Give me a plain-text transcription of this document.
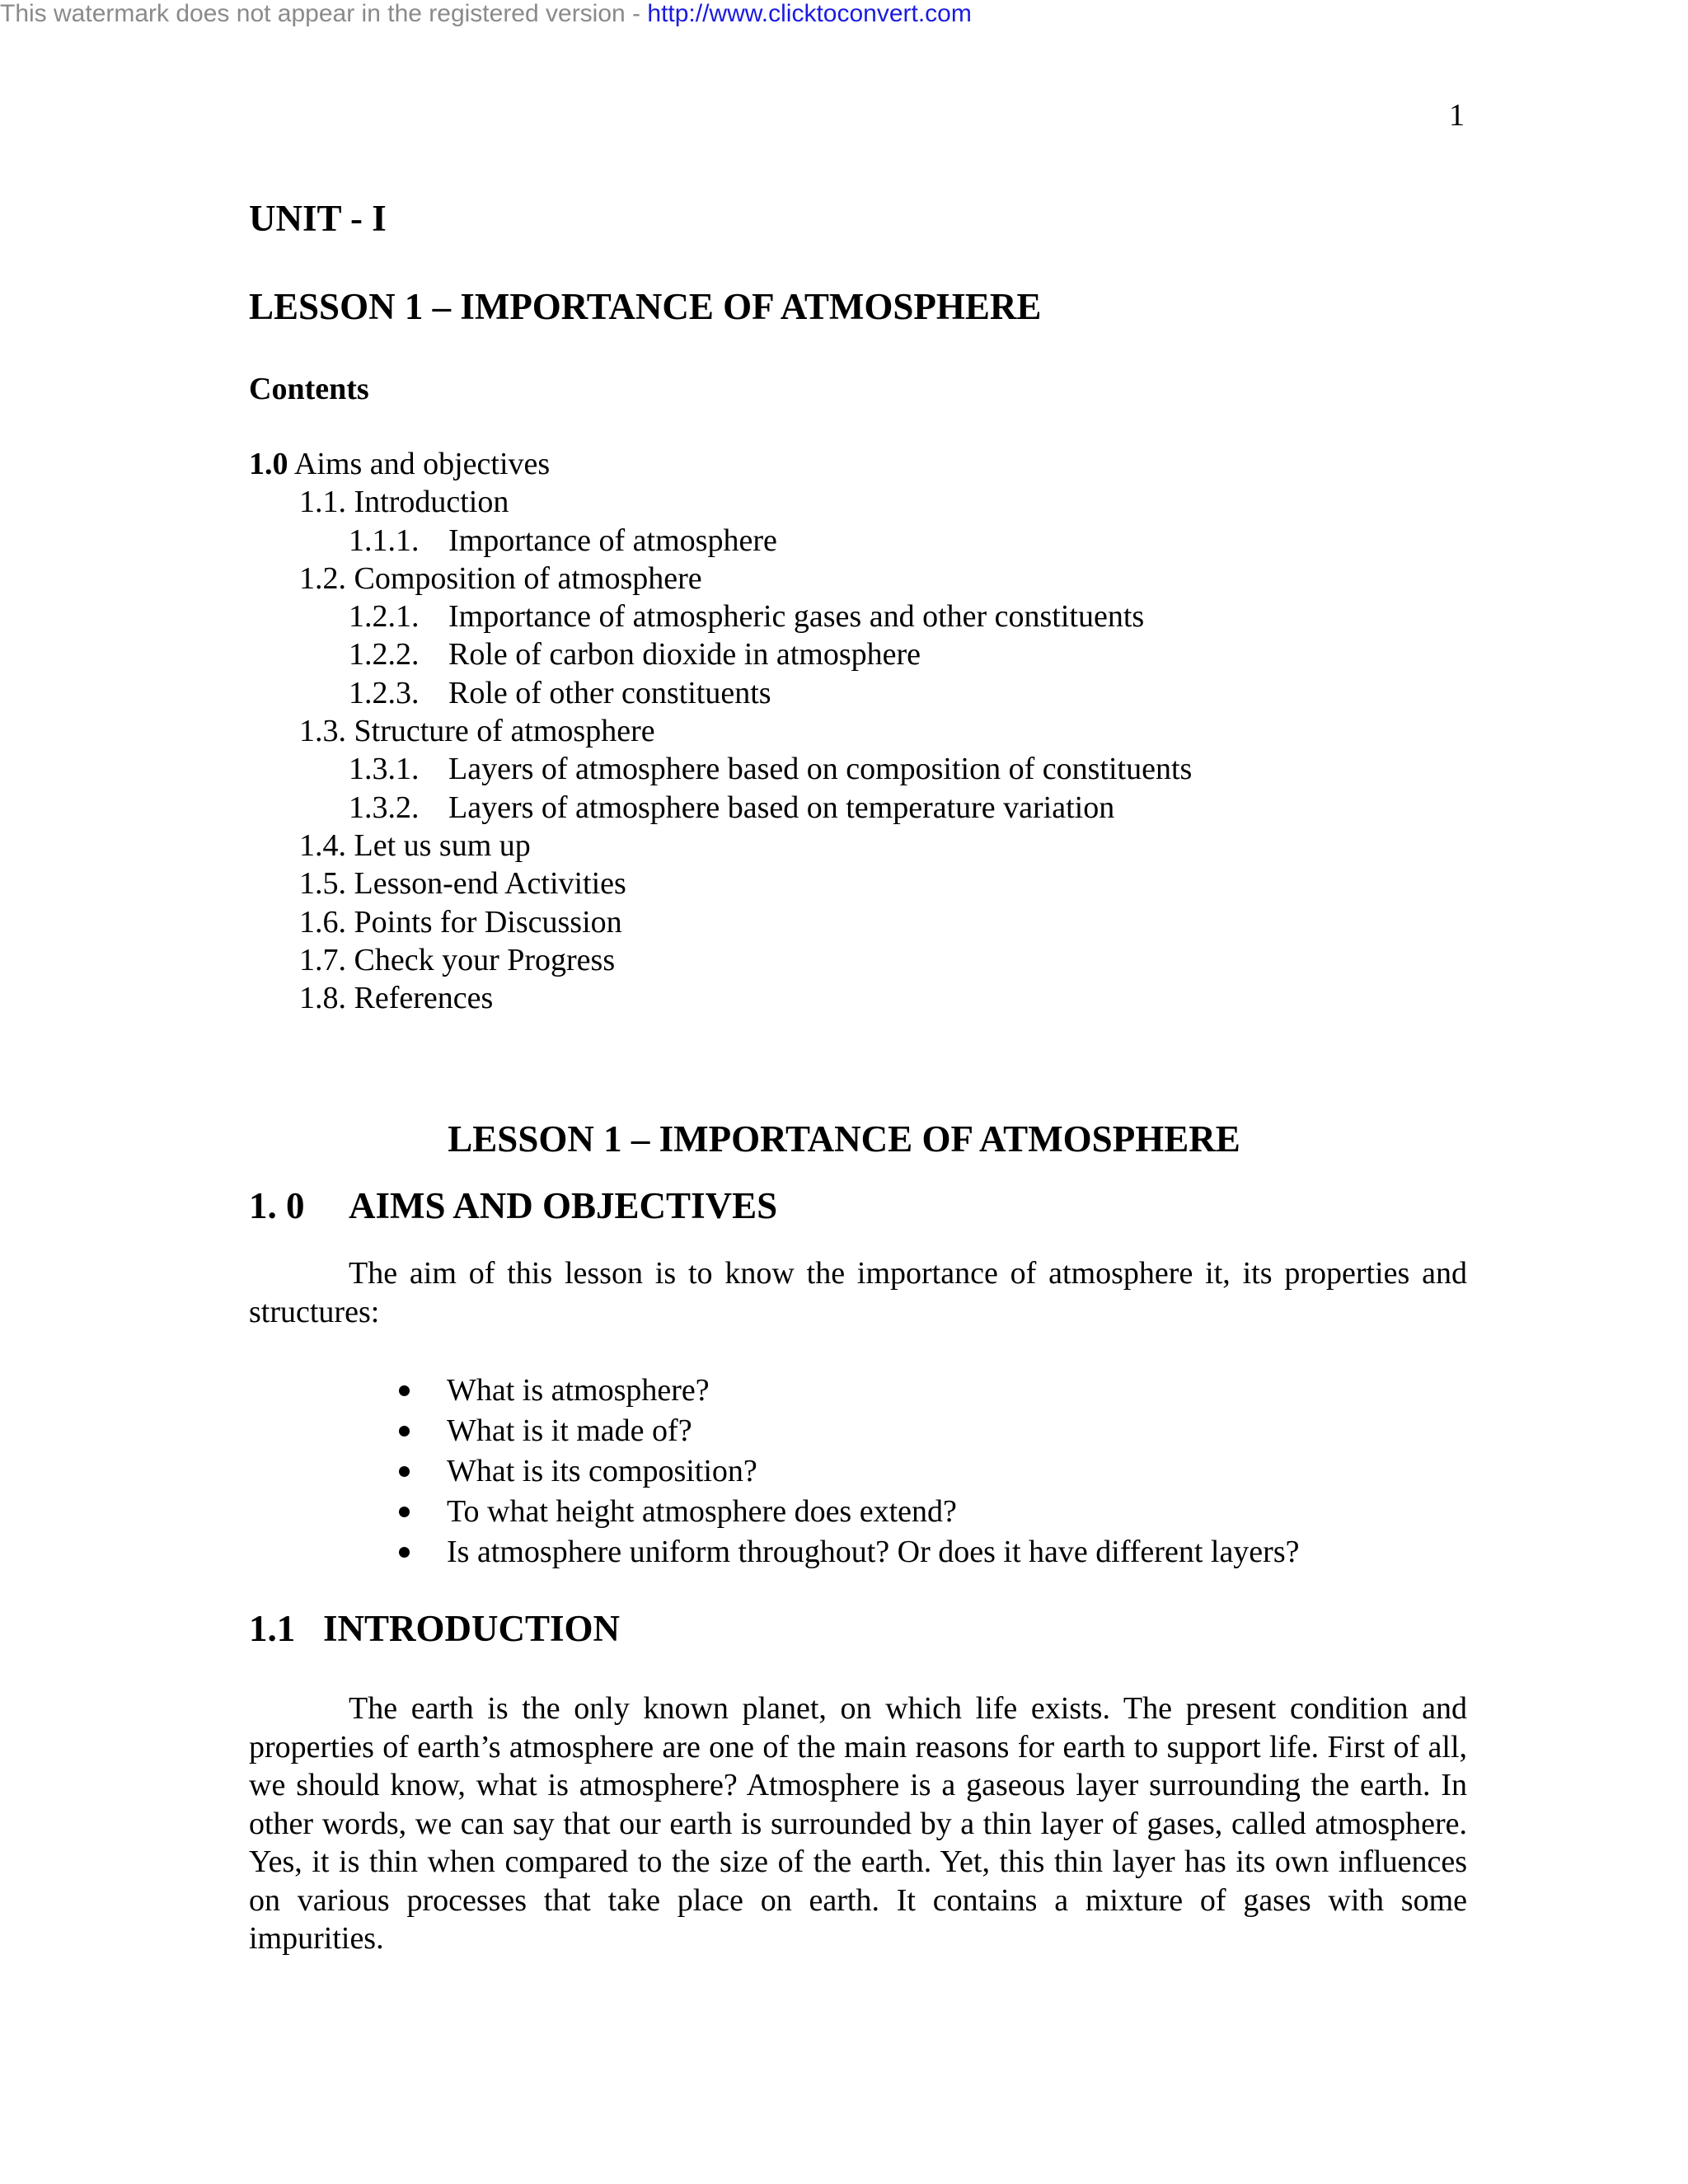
This watermark does not appear in the registered version - http://www.clicktoconvert.com
1
UNIT - I
LESSON 1 – IMPORTANCE OF ATMOSPHERE
Contents
1.0 Aims and objectives
1.1. Introduction
1.1.1. Importance of atmosphere
1.2. Composition of atmosphere
1.2.1. Importance of atmospheric gases and other constituents
1.2.2. Role of carbon dioxide in atmosphere
1.2.3. Role of other constituents
1.3. Structure of atmosphere
1.3.1. Layers of atmosphere based on composition of constituents
1.3.2. Layers of atmosphere based on temperature variation
1.4. Let us sum up
1.5. Lesson-end Activities
1.6. Points for Discussion
1.7. Check your Progress
1.8. References
LESSON 1 – IMPORTANCE OF ATMOSPHERE
1. 0 AIMS AND OBJECTIVES

The aim of this lesson is to know the importance of atmosphere it, its properties and structures:

What is atmosphere?
What is it made of?
What is its composition?
To what height atmosphere does extend?
Is atmosphere uniform throughout? Or does it have different layers?
1.1 INTRODUCTION

The earth is the only known planet, on which life exists. The present condition and properties of earth’s atmosphere are one of the main reasons for earth to support life. First of all, we should know, what is atmosphere? Atmosphere is a gaseous layer surrounding the earth. In other words, we can say that our earth is surrounded by a thin layer of gases, called atmosphere. Yes, it is thin when compared to the size of the earth. Yet, this thin layer has its own influences on various processes that take place on earth. It contains a mixture of gases with some impurities.
